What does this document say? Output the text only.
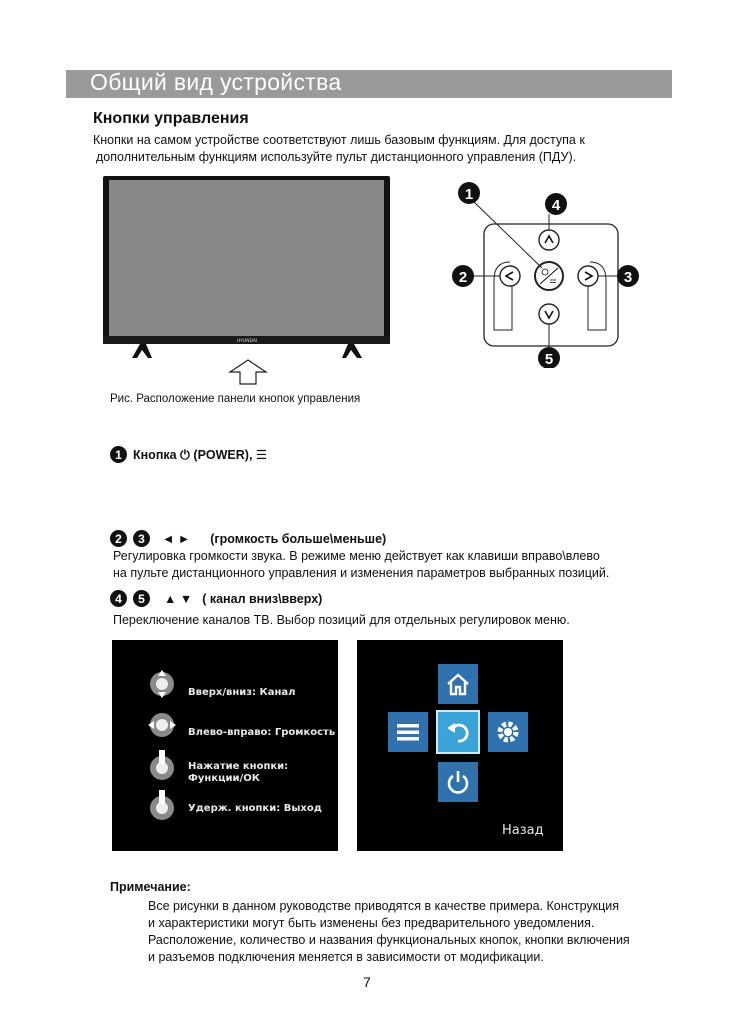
Общий вид устройства
Кнопки управления
Кнопки на самом устройстве соответствуют лишь базовым функциям. Для доступа к
дополнительным функциям используйте пульт дистанционного управления (ПДУ).
HYUNDAI
1
2	3
4
5
Рис. Расположение панели кнопок управления
1 Кнопка ⏻ (POWER), ☰
2	3	◄ ► (громкость больше\меньше)
Регулировка громкости звука. В режиме меню действует как клавиши вправо\влево
на пульте дистанционного управления и изменения параметров выбранных позиций.
4	5	▲ ▼ ( канал вниз\вверх)
Переключение каналов ТВ. Выбор позиций для отдельных регулировок меню.
Вверх/вниз: Канал
Влево-вправо: Громкость
Нажатие кнопки:
Функции/ОК
Удерж. кнопки: Выход
Назад
Примечание:
Все рисунки в данном руководстве приводятся в качестве примера. Конструкция
и характеристики могут быть изменены без предварительного уведомления.
Расположение, количество и названия функциональных кнопок, кнопки включения
и разъемов подключения меняется в зависимости от модификации.
7
